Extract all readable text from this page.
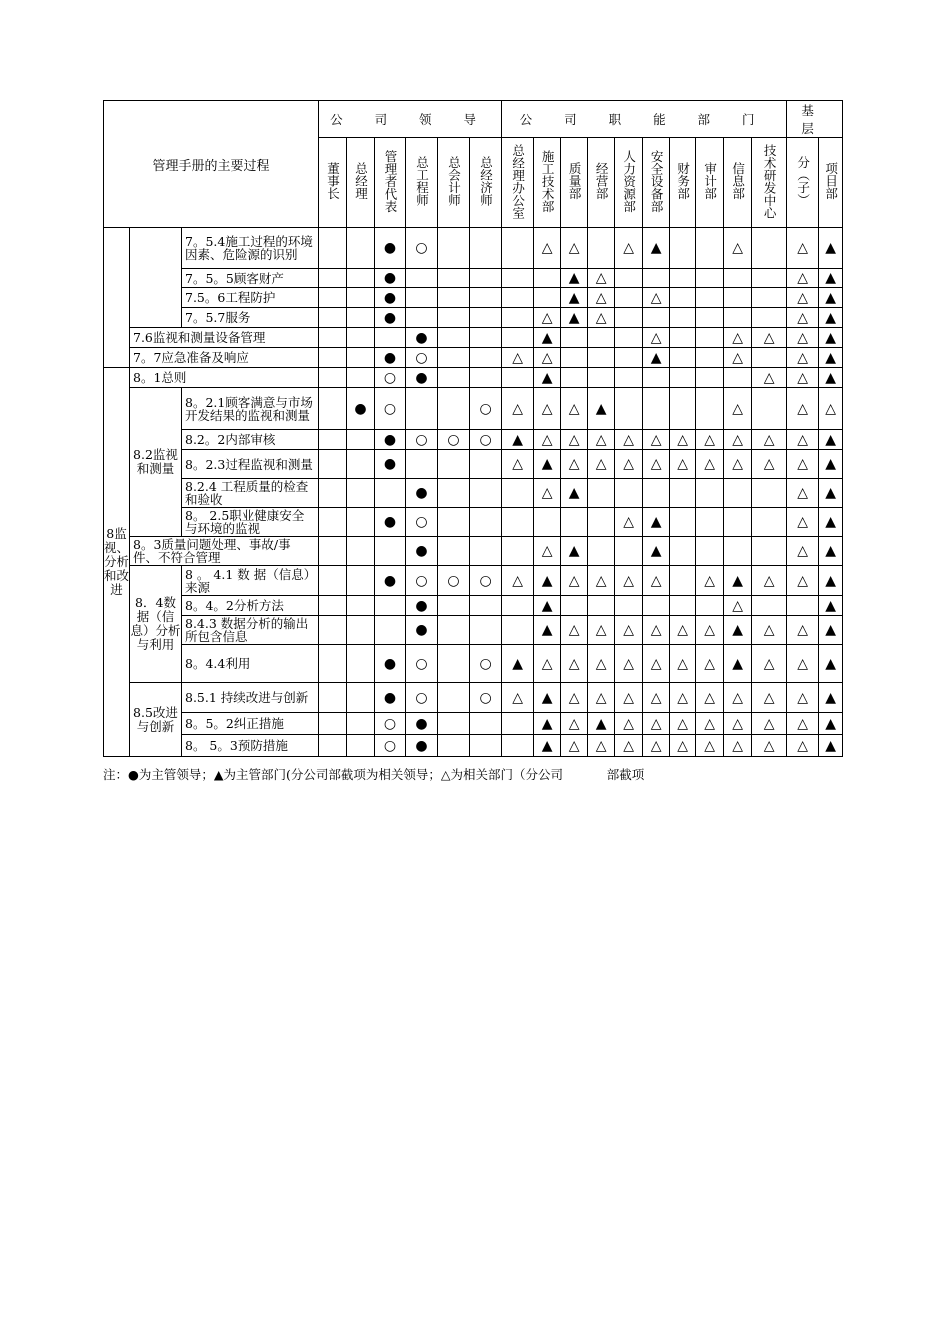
管理手册的主要过程			公 司 领 导						公 司 职 能 部 门										基 层	
			董事长	总经理	管理者代表	总工程师	总会计师	总经济师	总经理办公室	施工技术部	质量部	经营部	人力资源部	安全设备部	财务部	审计部	信息部	技术研发中心	分（子）	项目部
		7。5.4施工过程的环境因素、危险源的识别			●	○				△	△		△	▲			△		△	▲
		7。5。5顾客财产			●						▲	△							△	▲
		7.5。6工程防护			●						▲	△		△					△	▲
		7。5.7服务			●					△	▲	△							△	▲
	7.6监视和测量设备管理					●				▲				△			△	△	△	▲
	7。7应急准备及响应				●	○			△	△				▲			△		△	▲
8监视、分析和改进	8。1总则				○	●				▲								△	△	▲
	8.2监视和测量	8。2.1顾客满意与市场开发结果的监视和测量		●	○			○	△	△	△	▲					△		△	△
		8.2。2内部审核			●	○	○	○	▲	△	△	△	△	△	△	△	△	△	△	▲
		8。2.3过程监视和测量			●				△	▲	△	△	△	△	△	△	△	△	△	▲
		8.2.4 工程质量的检查和验收				●				△	▲								△	▲
		8。 2.5职业健康安全与环境的监视			●	○							△	▲					△	▲
	8。3质量问题处理、事故/事件、不符合管理					●				△	▲			▲					△	▲
	8．4数据（信息）分析与利用	8 。 4.1 数 据（信息）来源			●	○	○	○	△	▲	△	△	△	△		△	▲	△	△	▲
		8。4。2分析方法				●				▲							△			▲
		8.4.3 数据分析的输出所包含信息				●				▲	△	△	△	△	△	△	▲	△	△	▲
		8。4.4利用			●	○		○	▲	△	△	△	△	△	△	△	▲	△	△	▲
	8.5改进与创新	8.5.1 持续改进与创新			●	○		○	△	▲	△	△	△	△	△	△	△	△	△	▲
		8。5。2纠正措施			○	●				▲	△	▲	△	△	△	△	△	△	△	▲
		8。 5。3预防措施			○	●				▲	△	△	△	△	△	△	△	△	△	▲
注：●为主管领导；▲为主管部门(分公司部截项为相关领导；△为相关部门（分公司           部截项
